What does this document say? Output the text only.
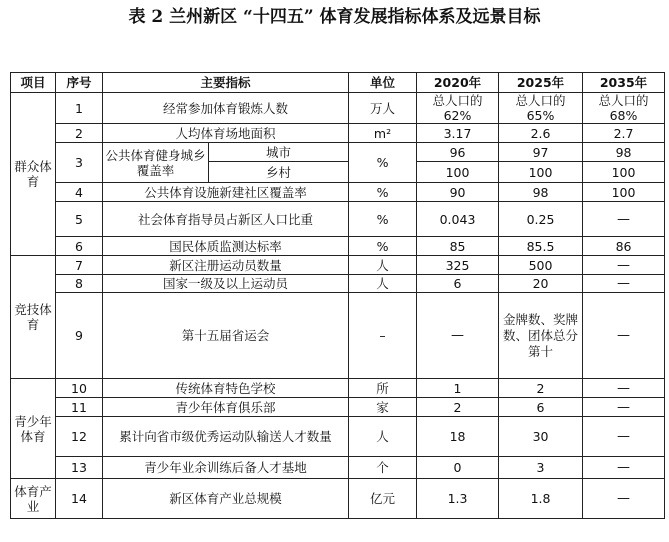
表 2 兰州新区 “十四五” 体育发展指标体系及远景目标
项目	序号	主要指标		单位	2020年	2025年	2035年
群众体育	1	经常参加体育锻炼人数		万人	总人口的 62%	总人口的 65%	总人口的 68%
	2	人均体育场地面积		m²	3.17	2.6	2.7
	3	公共体育健身城乡覆盖率	城市	%	96	97	98
			乡村		100	100	100
	4	公共体育设施新建社区覆盖率		%	90	98	100
	5	社会体育指导员占新区人口比重		%	0.043	0.25	—
	6	国民体质监测达标率		%	85	85.5	86
竞技体育	7	新区注册运动员数量		人	325	500	—
	8	国家一级及以上运动员		人	6	20	—
	9	第十五届省运会		–	—	金牌数、奖牌数、团体总分第十	—
青少年体育	10	传统体育特色学校		所	1	2	—
	11	青少年体育俱乐部		家	2	6	—
	12	累计向省市级优秀运动队输送人才数量		人	18	30	—
	13	青少年业余训练后备人才基地		个	0	3	—
体育产业	14	新区体育产业总规模		亿元	1.3	1.8	—
